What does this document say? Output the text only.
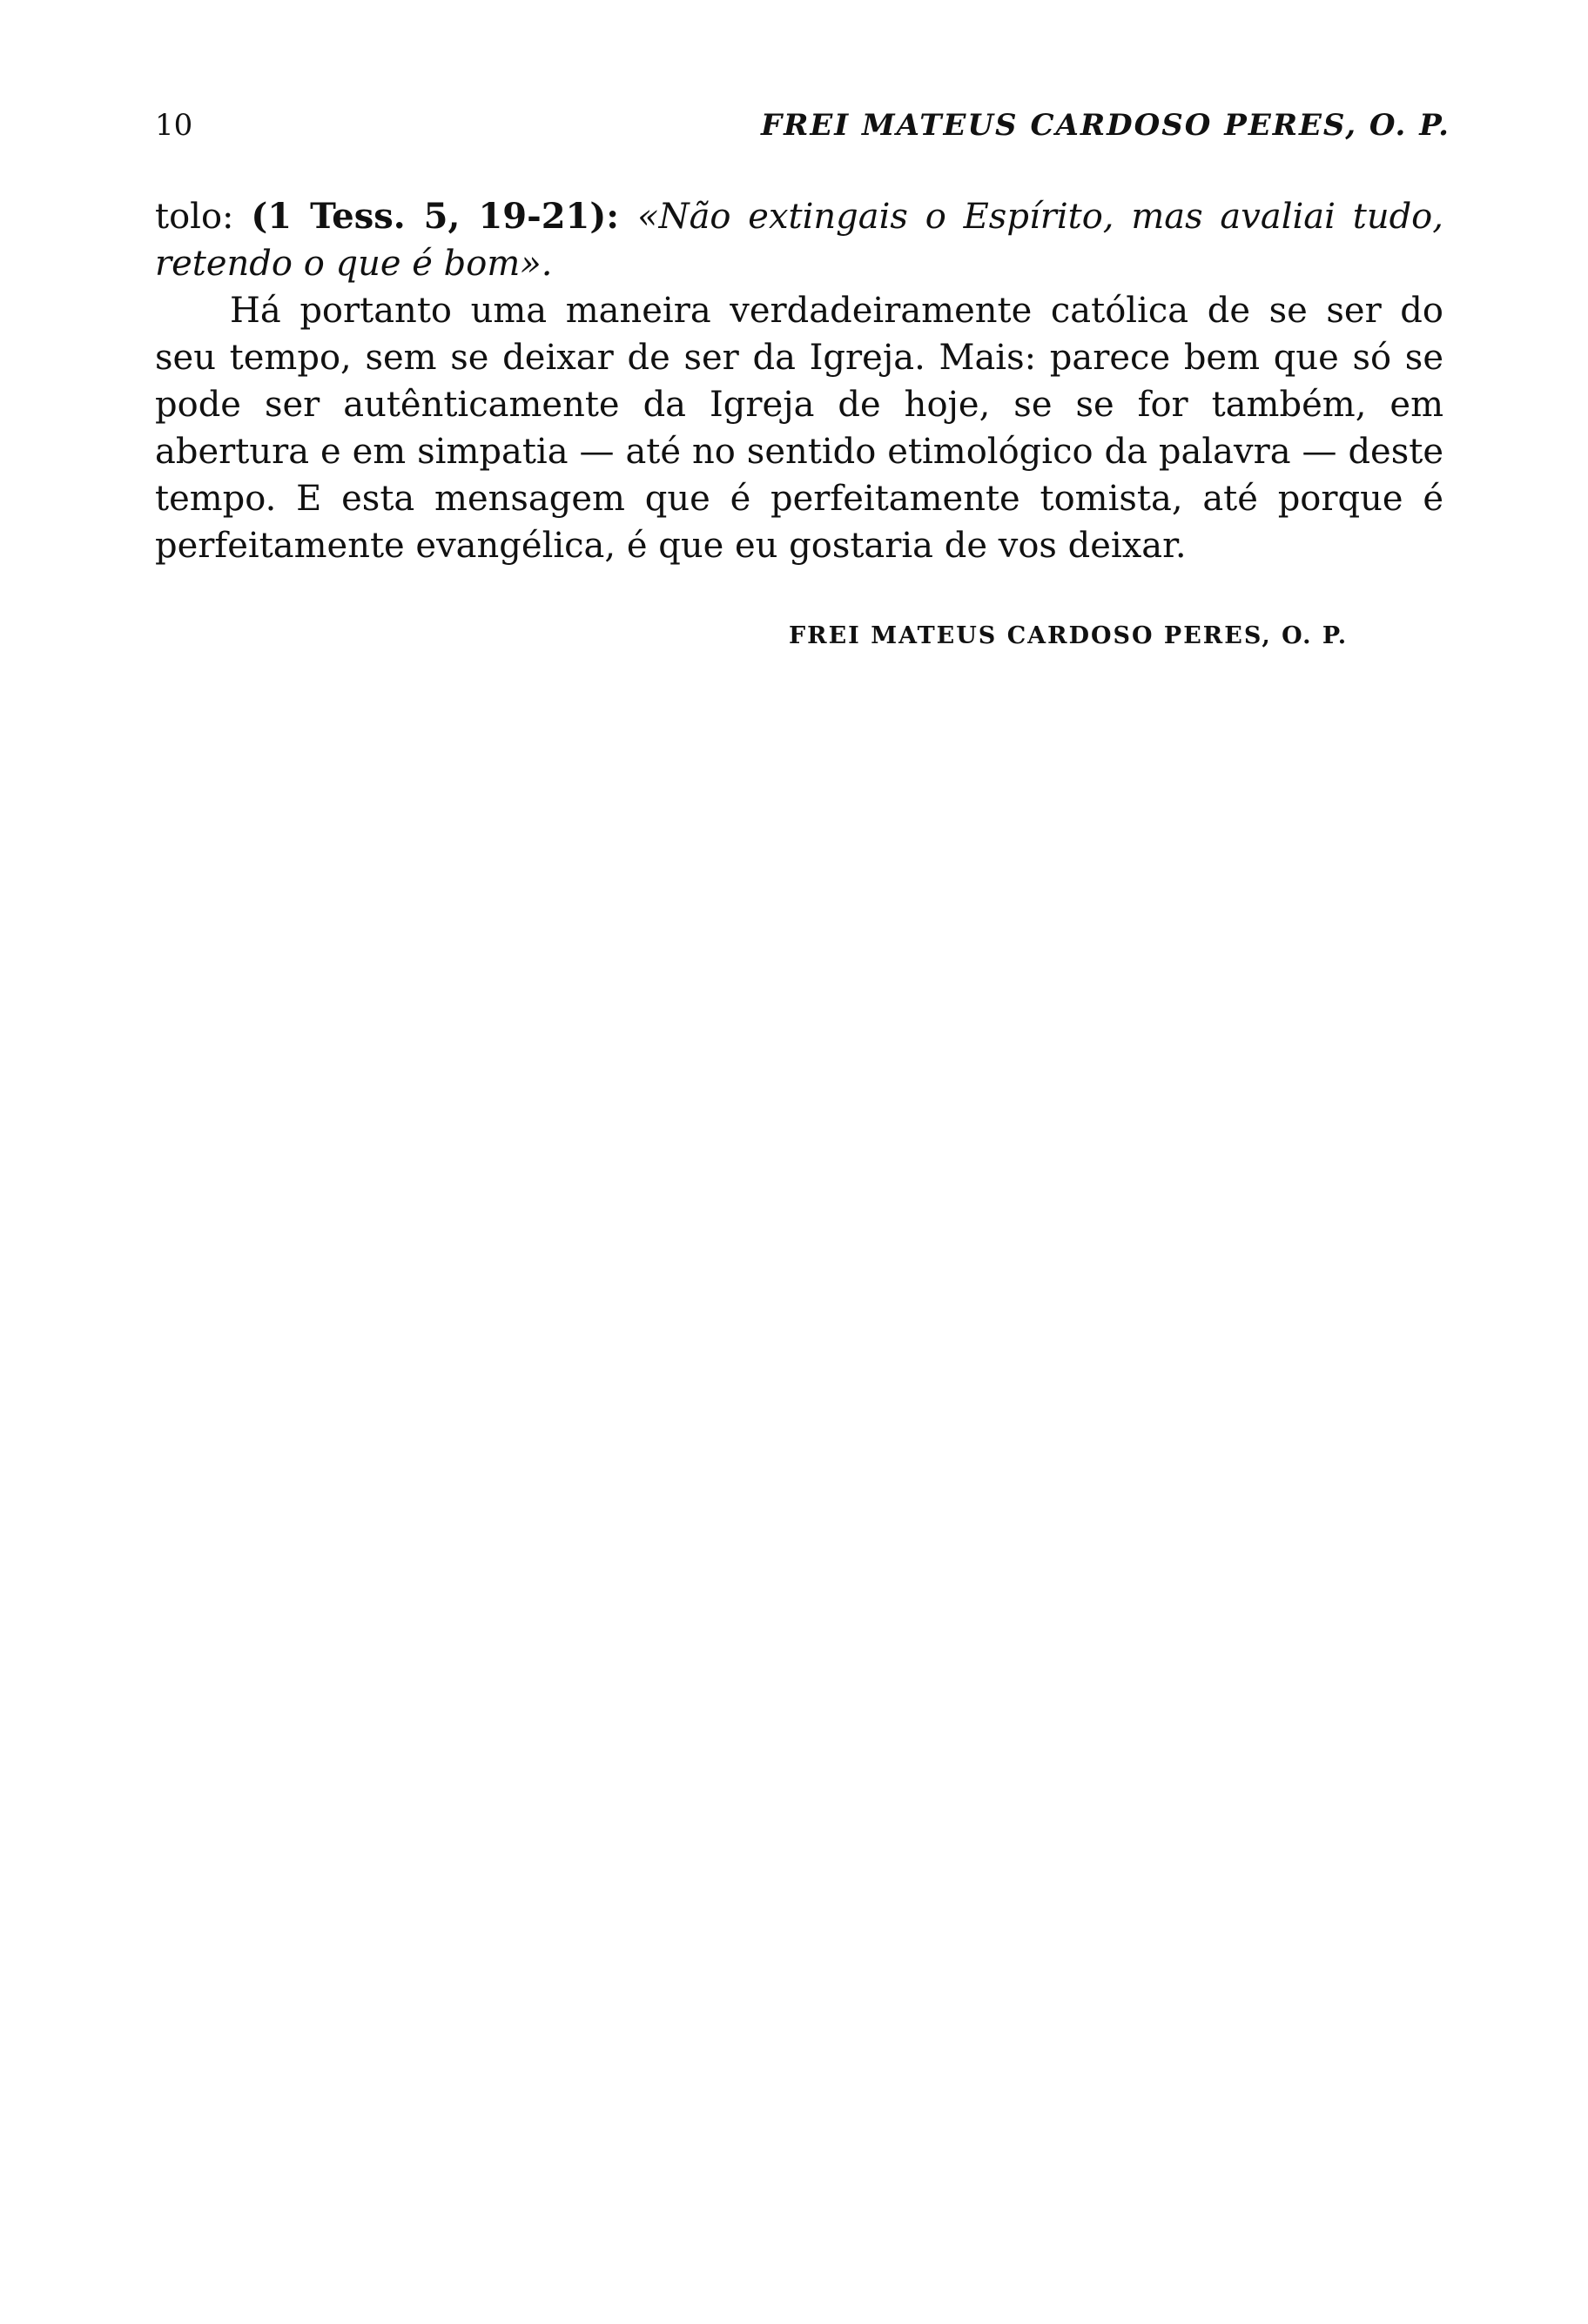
10	FREI MATEUS CARDOSO PERES, O. P.

tolo: (1 Tess. 5, 19-21): «Não extingais o Espírito, mas avaliai tudo, retendo o que é bom».

Há portanto uma maneira verdadeiramente católica de se ser do seu tempo, sem se deixar de ser da Igreja. Mais: parece bem que só se pode ser autênticamente da Igreja de hoje, se se for também, em abertura e em simpatia — até no sentido etimológico da palavra — deste tempo. E esta mensagem que é perfeitamente tomista, até porque é perfeitamente evangélica, é que eu gostaria de vos deixar.

FREI MATEUS CARDOSO PERES, O. P.
